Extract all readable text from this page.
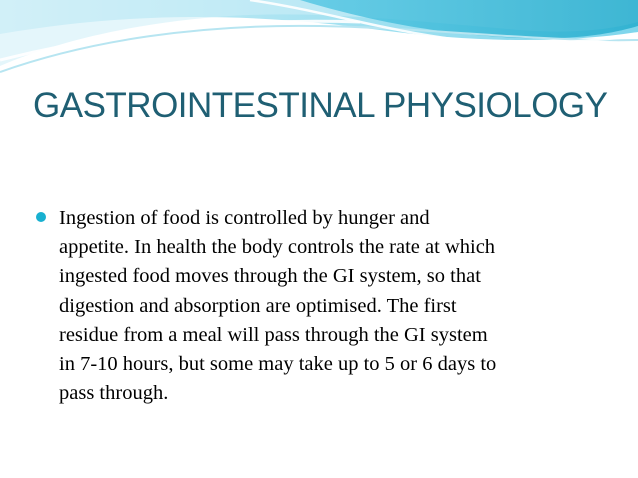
GASTROINTESTINAL PHYSIOLOGY

Ingestion of food is controlled by hunger and
appetite. In health the body controls the rate at which
ingested food moves through the GI system, so that
digestion and absorption are optimised. The first
residue from a meal will pass through the GI system
in 7-10 hours, but some may take up to 5 or 6 days to
pass through.
